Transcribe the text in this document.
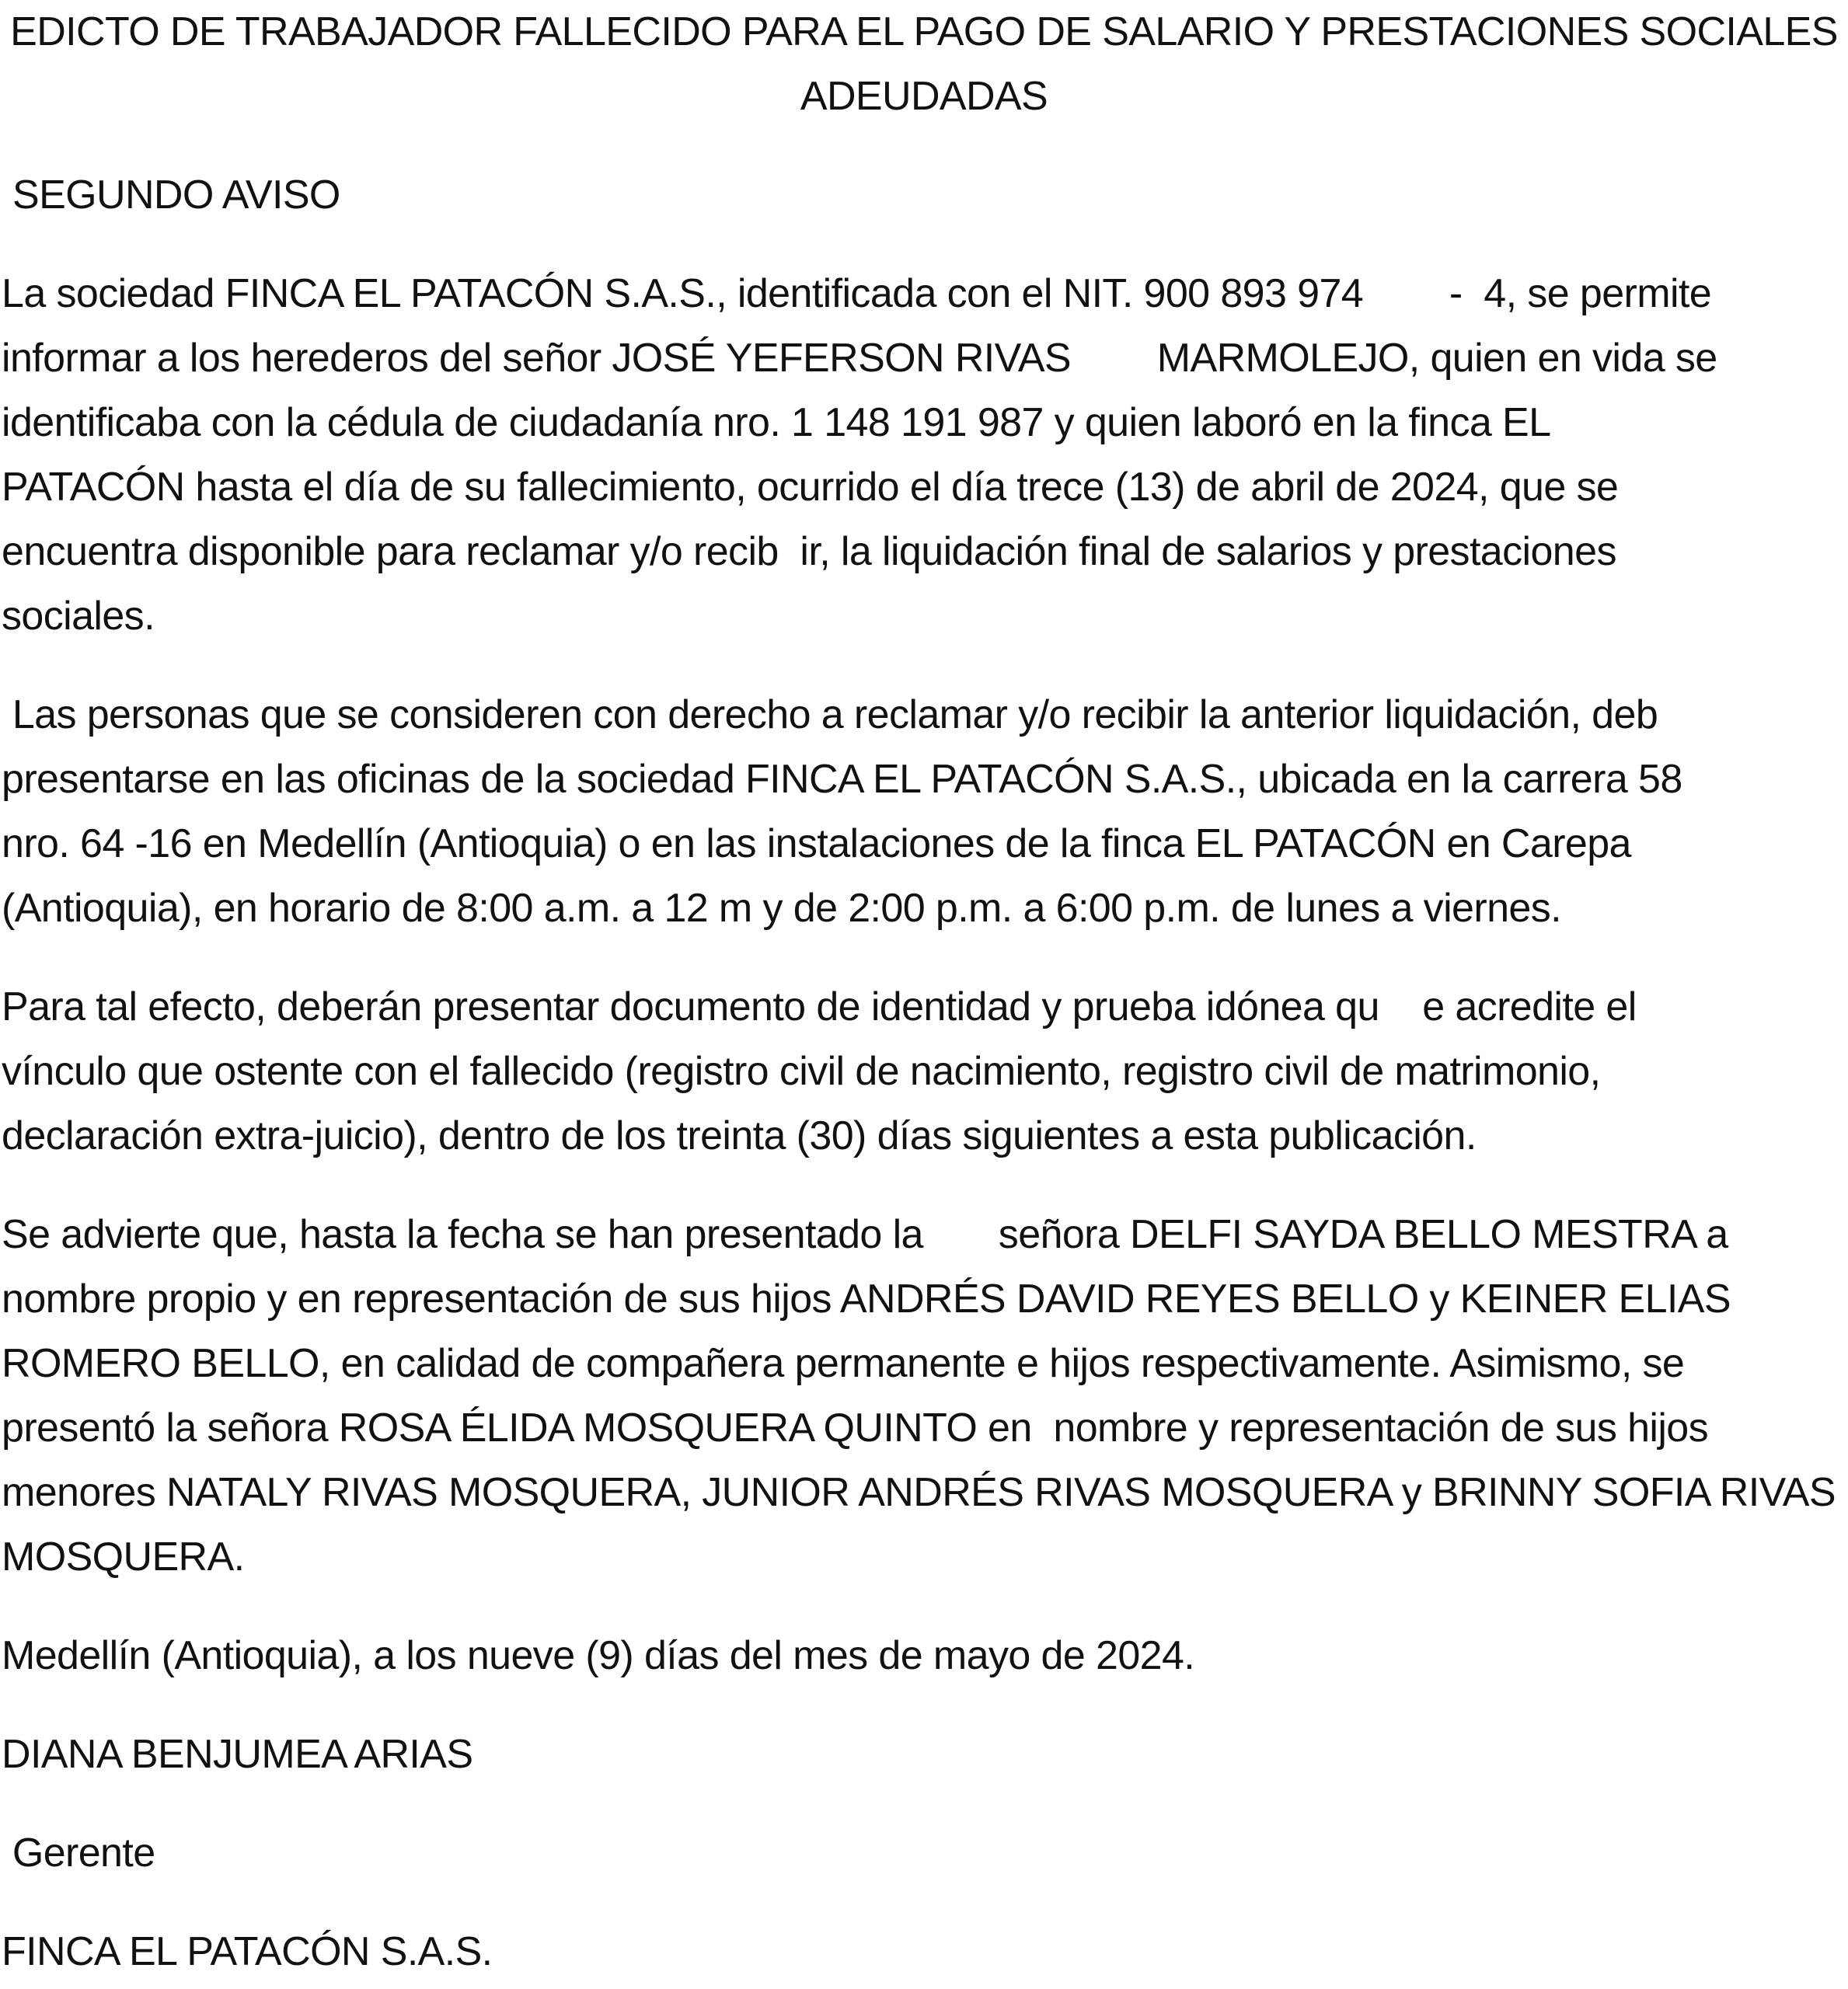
EDICTO DE TRABAJADOR FALLECIDO PARA EL PAGO DE SALARIO Y PRESTACIONES SOCIALES
ADEUDADAS
SEGUNDO AVISO
La sociedad FINCA EL PATACÓN S.A.S., identificada con el NIT. 900 893 974        -  4, se permite
informar a los herederos del señor JOSÉ YEFERSON RIVAS        MARMOLEJO, quien en vida se
identificaba con la cédula de ciudadanía nro. 1 148 191 987 y quien laboró en la finca EL
PATACÓN hasta el día de su fallecimiento, ocurrido el día trece (13) de abril de 2024, que se
encuentra disponible para reclamar y/o recib  ir, la liquidación final de salarios y prestaciones
sociales.
Las personas que se consideren con derecho a reclamar y/o recibir la anterior liquidación, deb
presentarse en las oficinas de la sociedad FINCA EL PATACÓN S.A.S., ubicada en la carrera 58
nro. 64 -16 en Medellín (Antioquia) o en las instalaciones de la finca EL PATACÓN en Carepa
(Antioquia), en horario de 8:00 a.m. a 12 m y de 2:00 p.m. a 6:00 p.m. de lunes a viernes.
Para tal efecto, deberán presentar documento de identidad y prueba idónea qu    e acredite el
vínculo que ostente con el fallecido (registro civil de nacimiento, registro civil de matrimonio,
declaración extra-juicio), dentro de los treinta (30) días siguientes a esta publicación.
Se advierte que, hasta la fecha se han presentado la       señora DELFI SAYDA BELLO MESTRA a
nombre propio y en representación de sus hijos ANDRÉS DAVID REYES BELLO y KEINER ELIAS
ROMERO BELLO, en calidad de compañera permanente e hijos respectivamente. Asimismo, se
presentó la señora ROSA ÉLIDA MOSQUERA QUINTO en  nombre y representación de sus hijos
menores NATALY RIVAS MOSQUERA, JUNIOR ANDRÉS RIVAS MOSQUERA y BRINNY SOFIA RIVAS
MOSQUERA.
Medellín (Antioquia), a los nueve (9) días del mes de mayo de 2024.
DIANA BENJUMEA ARIAS
Gerente
FINCA EL PATACÓN S.A.S.
